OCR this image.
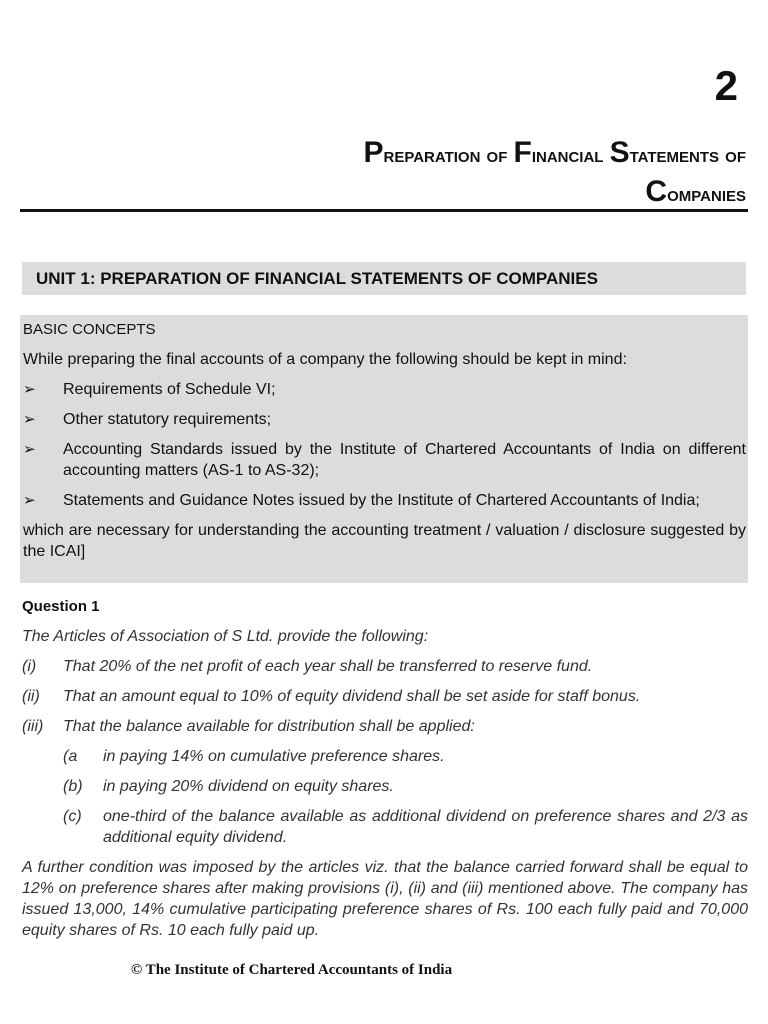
2
Preparation of Financial Statements of
Companies
UNIT 1: PREPARATION OF FINANCIAL STATEMENTS OF COMPANIES
BASIC CONCEPTS
While preparing the final accounts of a company the following should be kept in mind:
➢	Requirements of Schedule VI;
➢	Other statutory requirements;
➢	Accounting Standards issued by the Institute of Chartered Accountants of India on different accounting matters (AS-1 to AS-32);
➢	Statements and Guidance Notes issued by the Institute of Chartered Accountants of India;
which are necessary for understanding the accounting treatment / valuation / disclosure suggested by the ICAI]
Question 1
The Articles of Association of S Ltd. provide the following:
(i)	That 20% of the net profit of each year shall be transferred to reserve fund.
(ii)	That an amount equal to 10% of equity dividend shall be set aside for staff bonus.
(iii)	That the balance available for distribution shall be applied:
(a	in paying 14% on cumulative preference shares.
(b)	in paying 20% dividend on equity shares.
(c)	one-third of the balance available as additional dividend on preference shares and 2/3 as additional equity dividend.
A further condition was imposed by the articles viz. that the balance carried forward shall be equal to 12% on preference shares after making provisions (i), (ii) and (iii) mentioned above. The company has issued 13,000, 14% cumulative participating preference shares of Rs. 100 each fully paid and 70,000 equity shares of Rs. 10 each fully paid up.
© The Institute of Chartered Accountants of India
